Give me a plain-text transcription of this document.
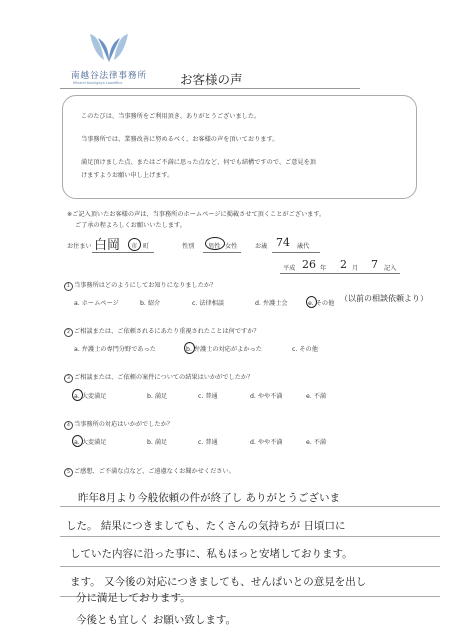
南越谷法律事務所
Minami Koshigaya Lawoffice	お客様の声
このたびは、当事務所をご利用頂き、ありがとうございました。
当事務所では、業務改善に努めるべく、お客様の声を頂いております。
満足頂けました点、またはご不満に思った点など、何でも結構ですので、ご意見を頂
けますようお願い申し上げます。
※ご記入頂いたお客様の声は、当事務所のホームページに掲載させて頂くことがございます。
ご了承の程よろしくお願いいたします。
お住まい 白岡 市 町	性別 男性 女性	お歳 74 歳代
平成 26 年 2 月 7 記入
1 当事務所はどのようにしてお知りになりましたか？
a. ホームページ	b. 紹介	c. 法律相談	d. 弁護士会	e. その他
（以前の相談依頼より）
2 ご相談または、ご依頼されるにあたり重視されたことは何ですか？
a. 弁護士の専門分野であった	b. 弁護士の対応がよかった	c. その他
3 ご相談または、ご依頼の案件についての結果はいかがでしたか？
a. 大変満足	b. 満足	c. 普通	d. やや不満	e. 不満
4 当事務所の対応はいかがでしたか？
a. 大変満足	b. 満足	c. 普通	d. やや不満	e. 不満
5 ご感想、ご不満な点など、ご遠慮なくお聞かせください。
昨年8月より今般依頼の件が終了し ありがとうございま
した。 結果につきましても、たくさんの気持ちが 日頃口に
していた内容に沿った事に、私もほっと安堵しております。
ます。 又今後の対応につきましても、せんぱいとの意見を出し
分に満足しております。
今後とも宜しく お願い致します。
